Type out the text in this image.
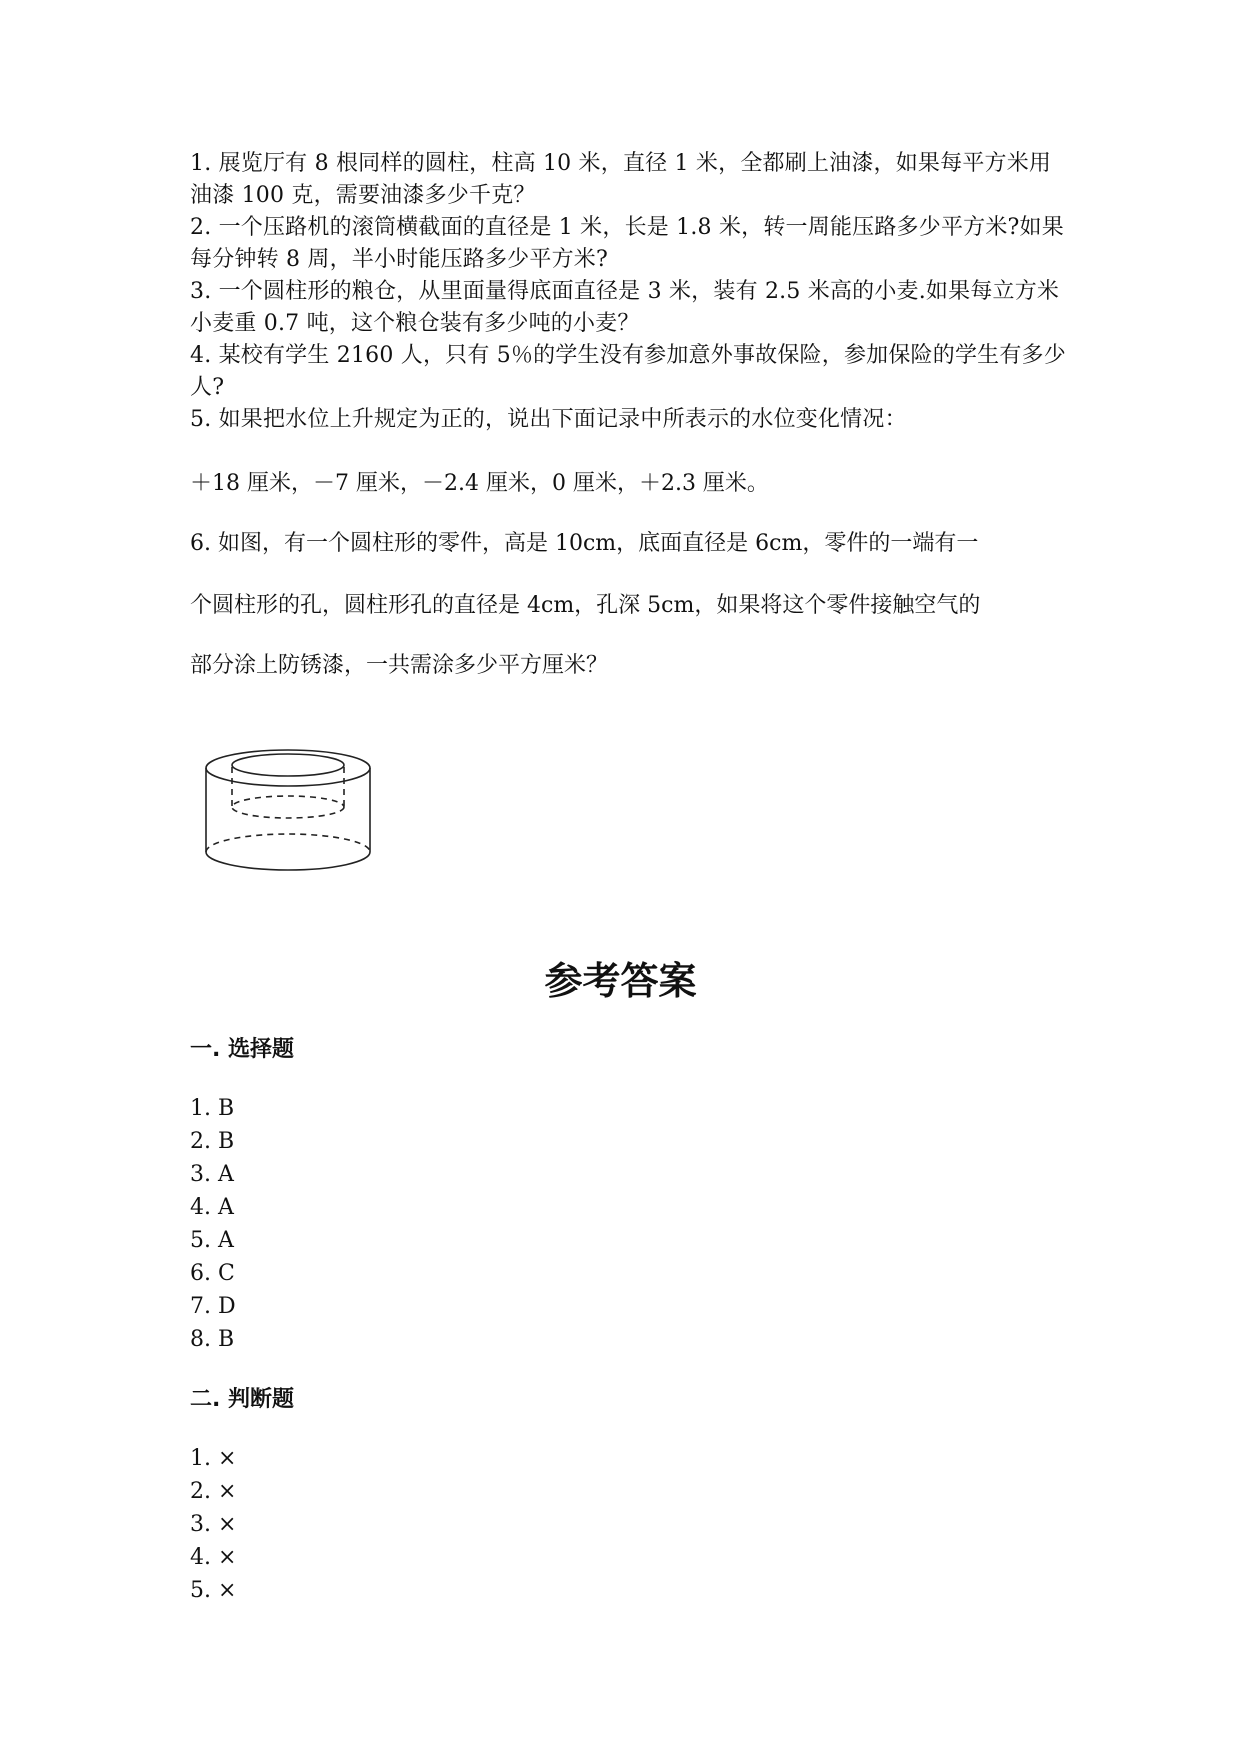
1. 展览厅有 8 根同样的圆柱，柱高 10 米，直径 1 米，全都刷上油漆，如果每平方米用油漆 100 克，需要油漆多少千克？

2. 一个压路机的滚筒横截面的直径是 1 米，长是 1.8 米，转一周能压路多少平方米?如果每分钟转 8 周，半小时能压路多少平方米?

3. 一个圆柱形的粮仓，从里面量得底面直径是 3 米，装有 2.5 米高的小麦.如果每立方米小麦重 0.7 吨，这个粮仓装有多少吨的小麦？

4. 某校有学生 2160 人，只有 5％的学生没有参加意外事故保险，参加保险的学生有多少人?

5. 如果把水位上升规定为正的，说出下面记录中所表示的水位变化情况：

＋18 厘米，－7 厘米，－2.4 厘米，0 厘米，＋2.3 厘米。

6. 如图，有一个圆柱形的零件，高是 10cm，底面直径是 6cm，零件的一端有一

个圆柱形的孔，圆柱形孔的直径是 4cm，孔深 5cm，如果将这个零件接触空气的

部分涂上防锈漆，一共需涂多少平方厘米？

参考答案
一. 选择题
1. B
2. B
3. A
4. A
5. A
6. C
7. D
8. B
二. 判断题
1. ×
2. ×
3. ×
4. ×
5. ×
